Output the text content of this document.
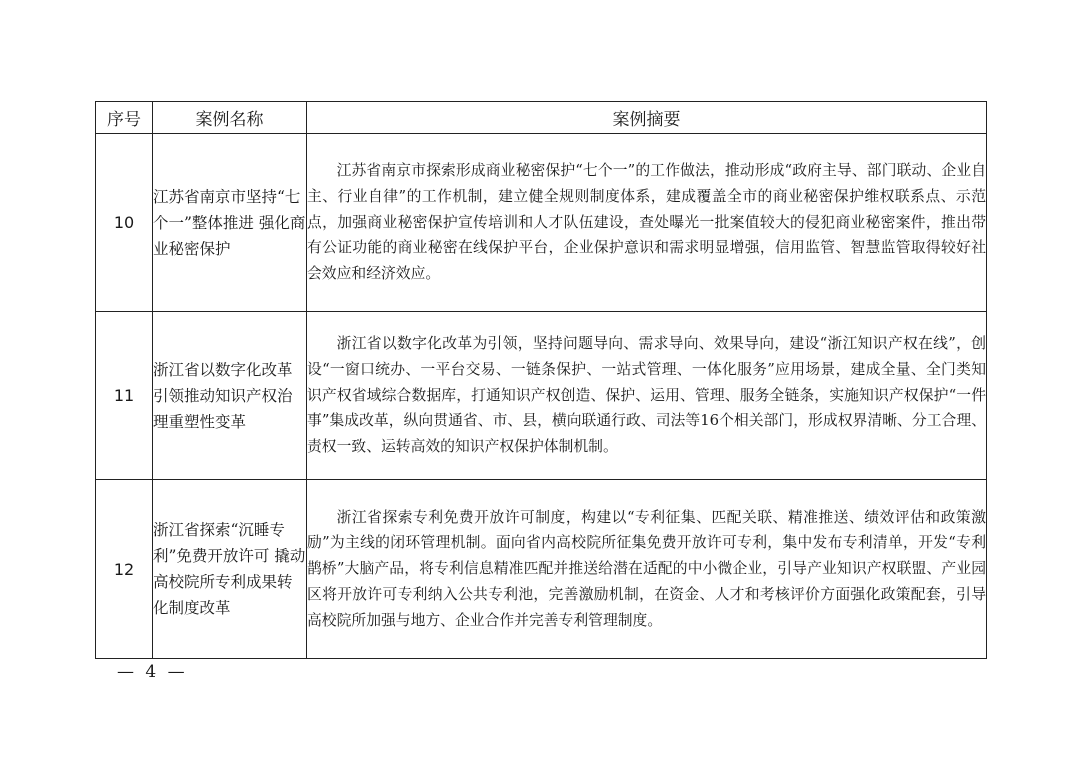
序号	案例名称	案例摘要
10	江苏省南京市坚持“七个一”整体推进 强化商业秘密保护	江苏省南京市探索形成商业秘密保护“七个一”的工作做法，推动形成“政府主导、部门联动、企业自主、行业自律”的工作机制，建立健全规则制度体系，建成覆盖全市的商业秘密保护维权联系点、示范点，加强商业秘密保护宣传培训和人才队伍建设，查处曝光一批案值较大的侵犯商业秘密案件，推出带有公证功能的商业秘密在线保护平台，企业保护意识和需求明显增强，信用监管、智慧监管取得较好社会效应和经济效应。

11	浙江省以数字化改革引领推动知识产权治理重塑性变革	浙江省以数字化改革为引领，坚持问题导向、需求导向、效果导向，建设“浙江知识产权在线”，创设“一窗口统办、一平台交易、一链条保护、一站式管理、一体化服务”应用场景，建成全量、全门类知识产权省域综合数据库，打通知识产权创造、保护、运用、管理、服务全链条，实施知识产权保护“一件事”集成改革，纵向贯通省、市、县，横向联通行政、司法等16个相关部门，形成权界清晰、分工合理、责权一致、运转高效的知识产权保护体制机制。

12	浙江省探索“沉睡专利”免费开放许可 撬动高校院所专利成果转化制度改革	浙江省探索专利免费开放许可制度，构建以“专利征集、匹配关联、精准推送、绩效评估和政策激励”为主线的闭环管理机制。面向省内高校院所征集免费开放许可专利，集中发布专利清单，开发“专利鹊桥”大脑产品，将专利信息精准匹配并推送给潜在适配的中小微企业，引导产业知识产权联盟、产业园区将开放许可专利纳入公共专利池，完善激励机制，在资金、人才和考核评价方面强化政策配套，引导高校院所加强与地方、企业合作并完善专利管理制度。

— 4 —
